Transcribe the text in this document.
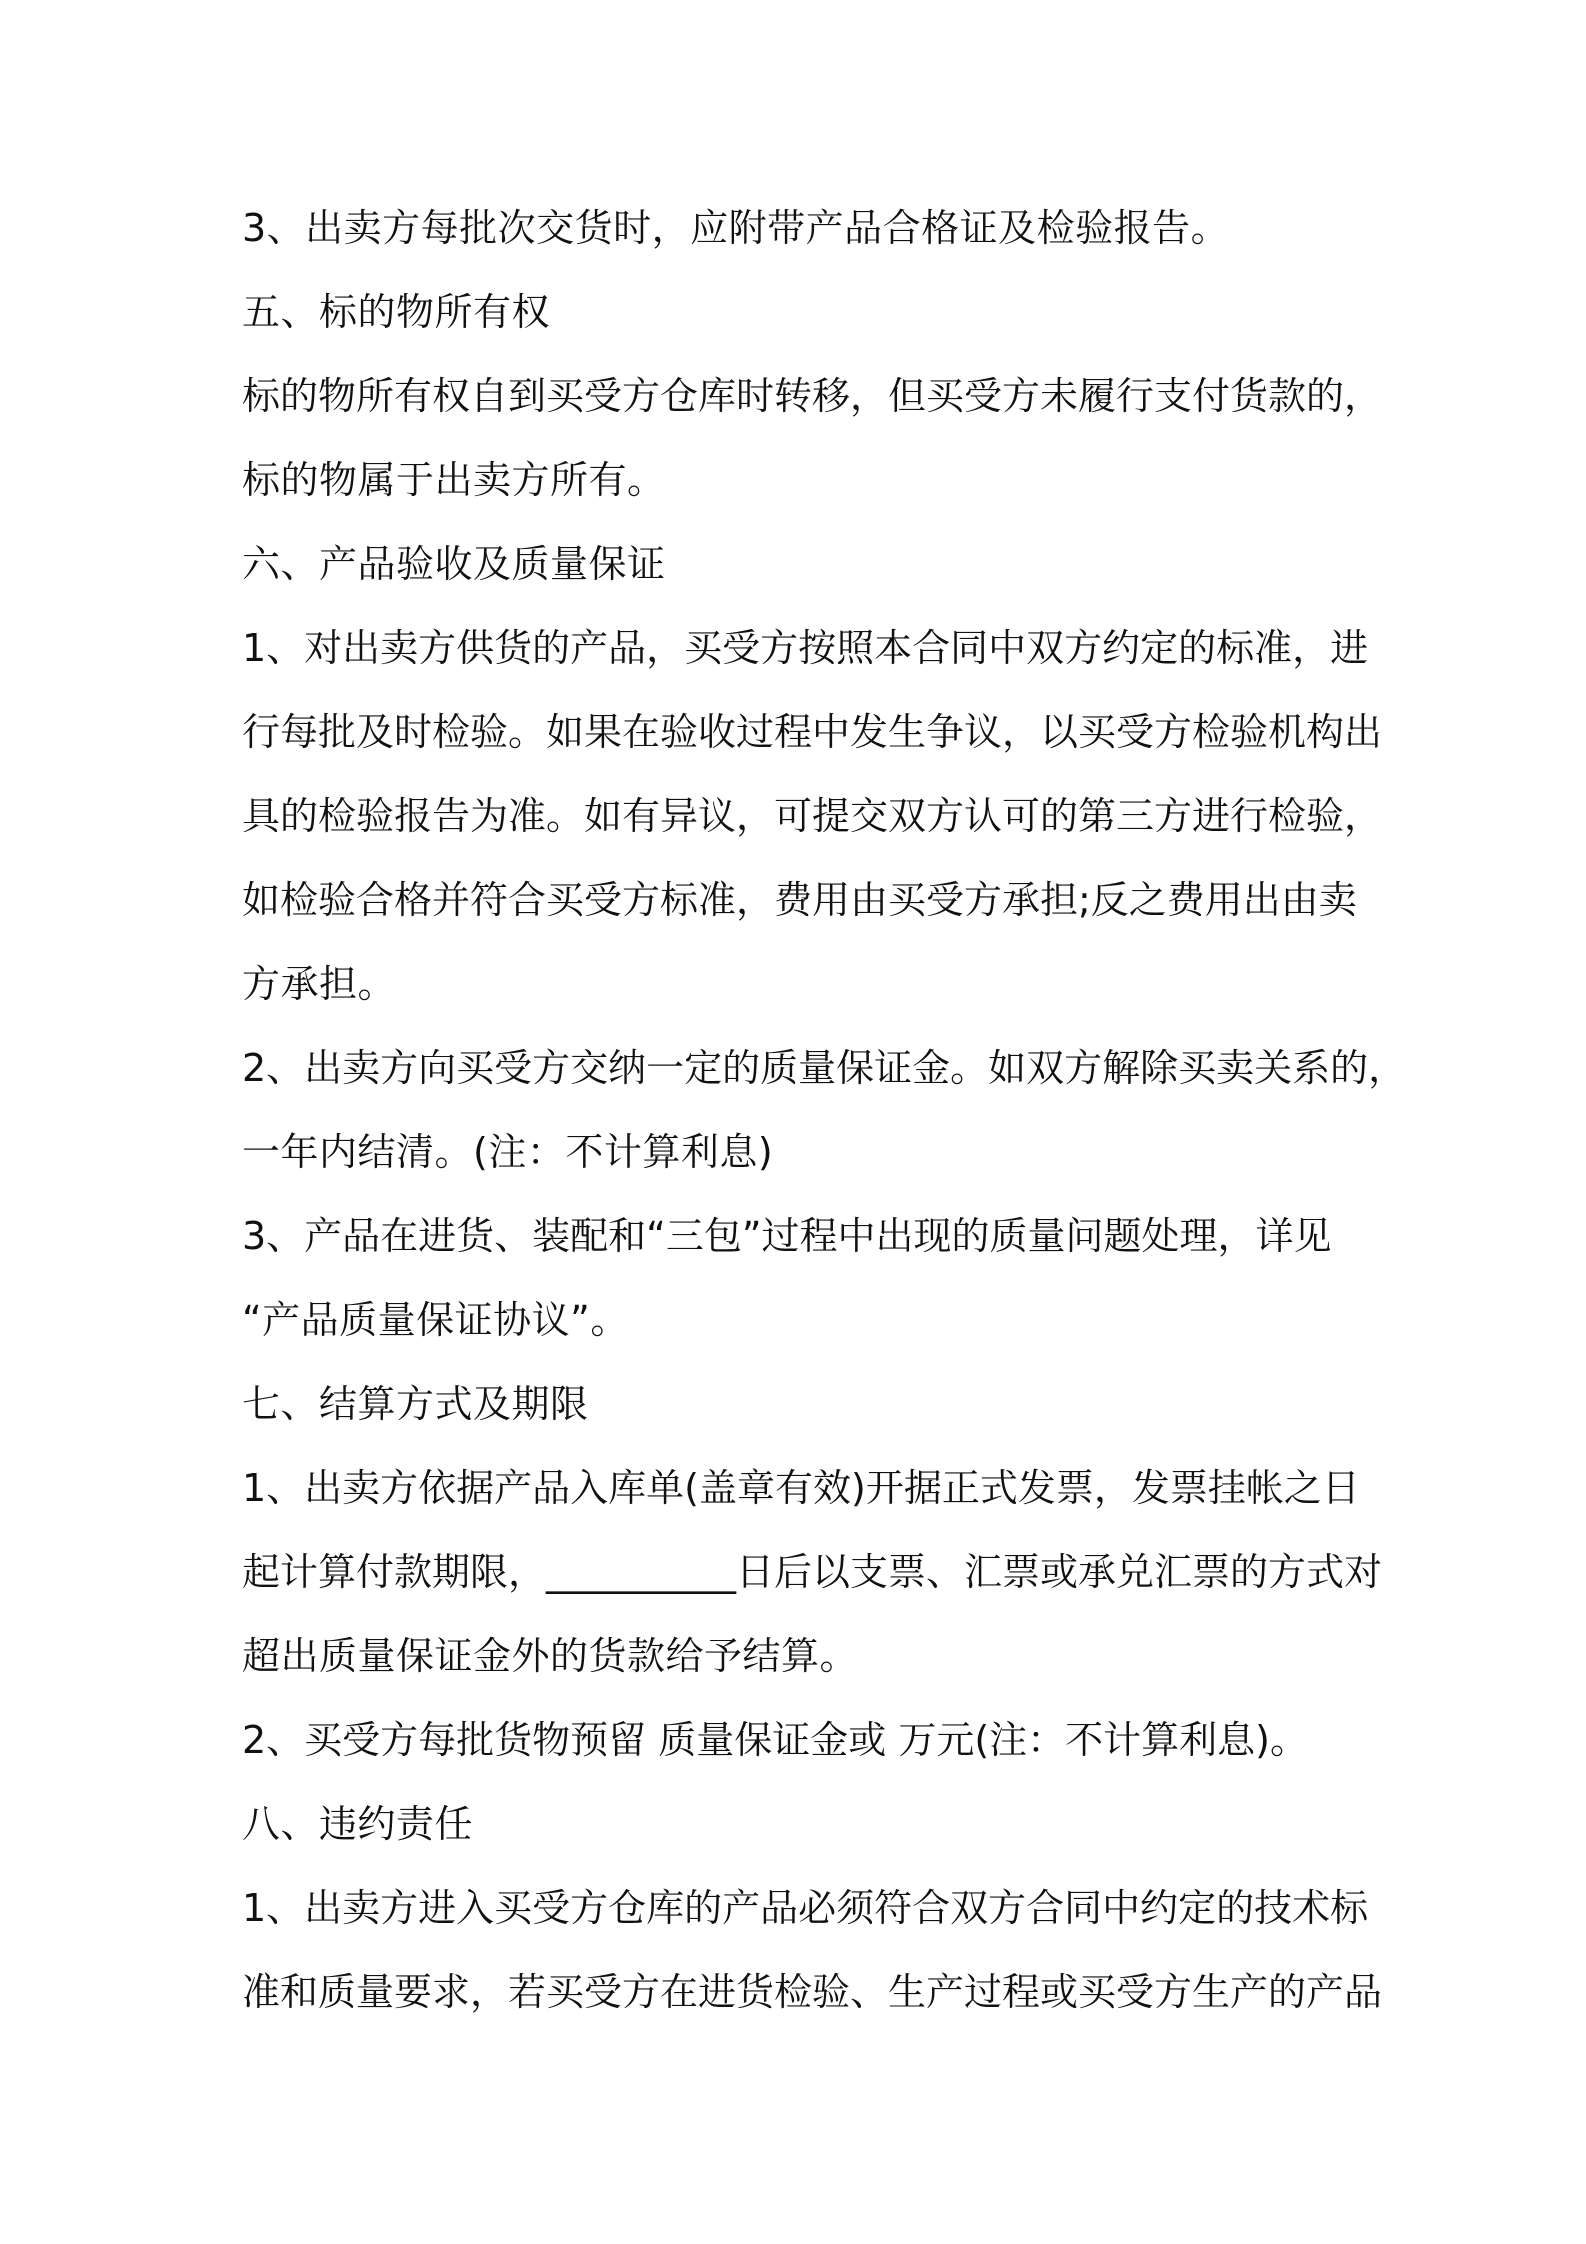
3、出卖方每批次交货时，应附带产品合格证及检验报告。
五、标的物所有权
标的物所有权自到买受方仓库时转移，但买受方未履行支付货款的，
标的物属于出卖方所有。
六、产品验收及质量保证
1、对出卖方供货的产品，买受方按照本合同中双方约定的标准，进
行每批及时检验。如果在验收过程中发生争议，以买受方检验机构出
具的检验报告为准。如有异议，可提交双方认可的第三方进行检验，
如检验合格并符合买受方标准，费用由买受方承担;反之费用出由卖
方承担。
2、出卖方向买受方交纳一定的质量保证金。如双方解除买卖关系的，
一年内结清。(注：不计算利息)
3、产品在进货、装配和“三包”过程中出现的质量问题处理，详见
“产品质量保证协议”。
七、结算方式及期限
1、出卖方依据产品入库单(盖章有效)开据正式发票，发票挂帐之日
起计算付款期限，__________日后以支票、汇票或承兑汇票的方式对
超出质量保证金外的货款给予结算。
2、买受方每批货物预留 质量保证金或 万元(注：不计算利息)。
八、违约责任
1、出卖方进入买受方仓库的产品必须符合双方合同中约定的技术标
准和质量要求，若买受方在进货检验、生产过程或买受方生产的产品
